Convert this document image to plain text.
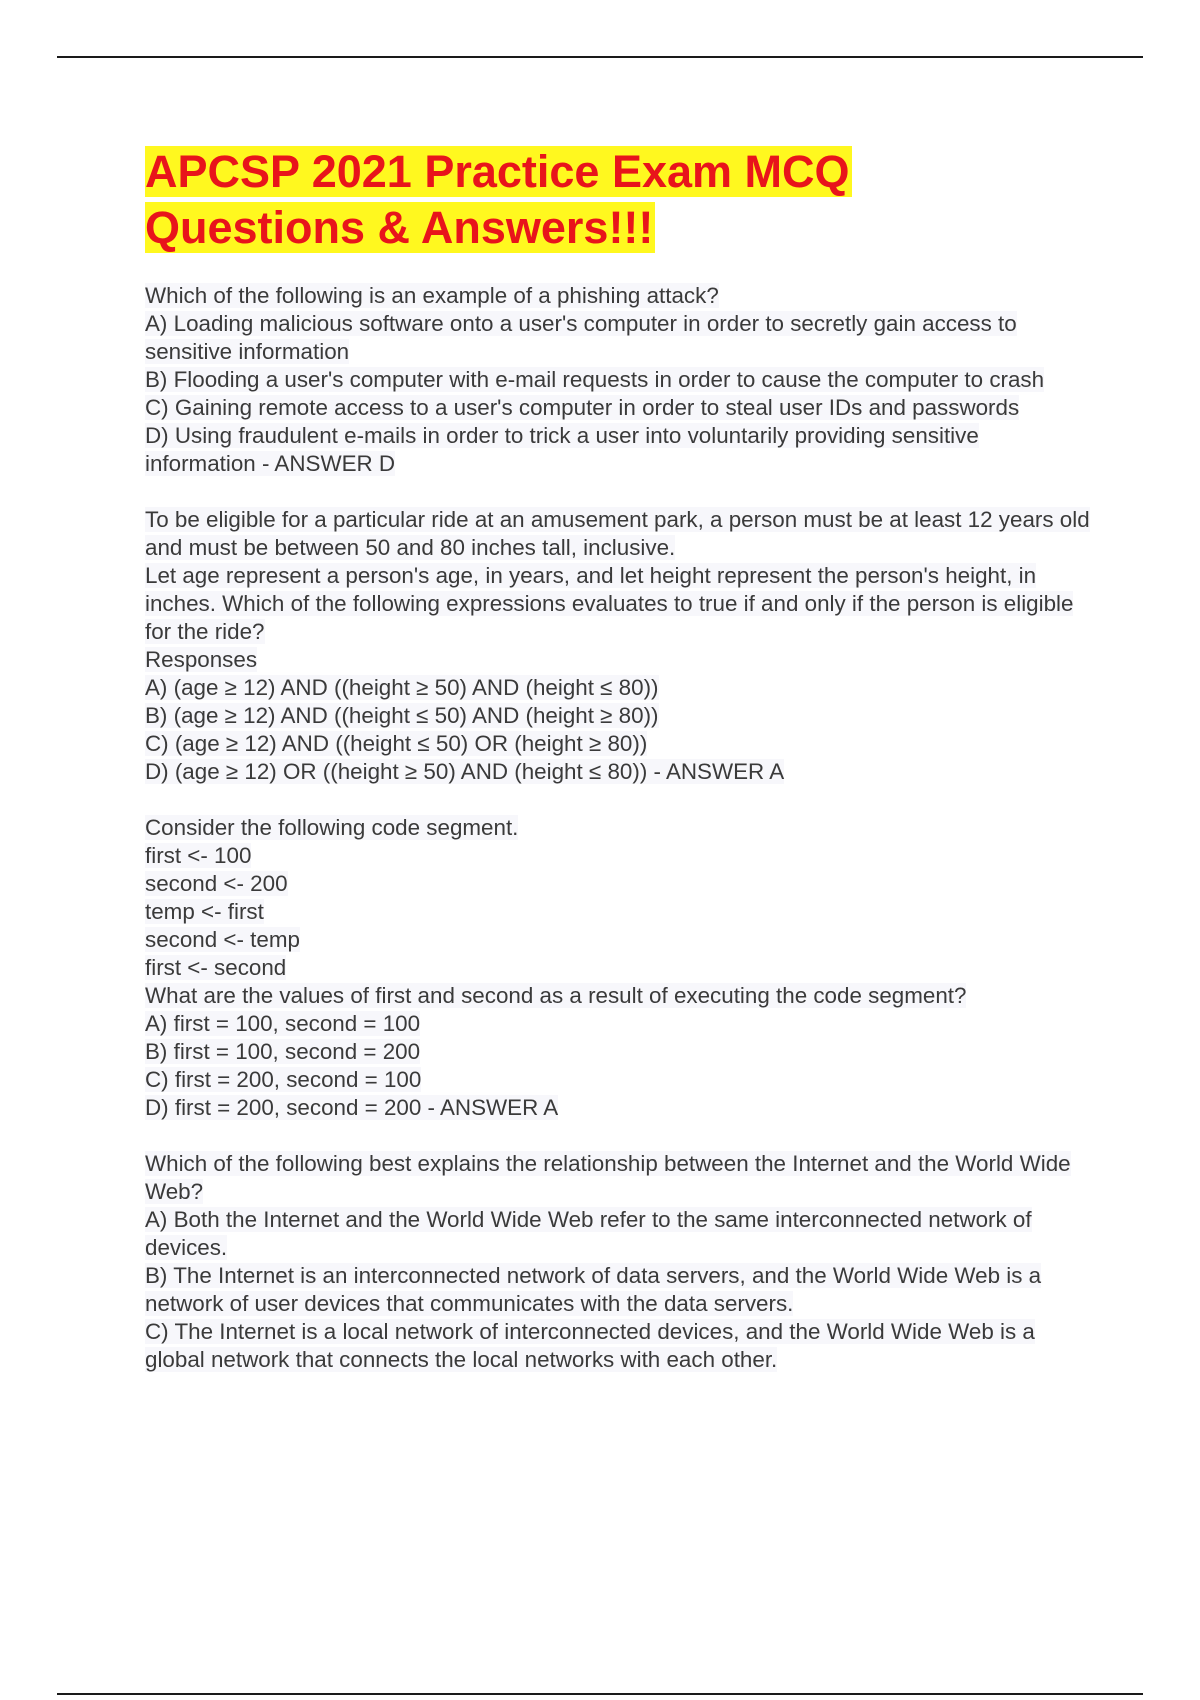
APCSP 2021 Practice Exam MCQ
Questions & Answers!!!
Which of the following is an example of a phishing attack?
A) Loading malicious software onto a user's computer in order to secretly gain access to sensitive information
B) Flooding a user's computer with e-mail requests in order to cause the computer to crash
C) Gaining remote access to a user's computer in order to steal user IDs and passwords
D) Using fraudulent e-mails in order to trick a user into voluntarily providing sensitive information - ANSWER D
To be eligible for a particular ride at an amusement park, a person must be at least 12 years old and must be between 50 and 80 inches tall, inclusive.
Let age represent a person's age, in years, and let height represent the person's height, in inches. Which of the following expressions evaluates to true if and only if the person is eligible for the ride?
Responses
A) (age ≥ 12) AND ((height ≥ 50) AND (height ≤ 80))
B) (age ≥ 12) AND ((height ≤ 50) AND (height ≥ 80))
C) (age ≥ 12) AND ((height ≤ 50) OR (height ≥ 80))
D) (age ≥ 12) OR ((height ≥ 50) AND (height ≤ 80)) - ANSWER A
Consider the following code segment.
first <- 100
second <- 200
temp <- first
second <- temp
first <- second
What are the values of first and second as a result of executing the code segment?
A) first = 100, second = 100
B) first = 100, second = 200
C) first = 200, second = 100
D) first = 200, second = 200 - ANSWER A
Which of the following best explains the relationship between the Internet and the World Wide Web?
A) Both the Internet and the World Wide Web refer to the same interconnected network of devices.
B) The Internet is an interconnected network of data servers, and the World Wide Web is a network of user devices that communicates with the data servers.
C) The Internet is a local network of interconnected devices, and the World Wide Web is a global network that connects the local networks with each other.
